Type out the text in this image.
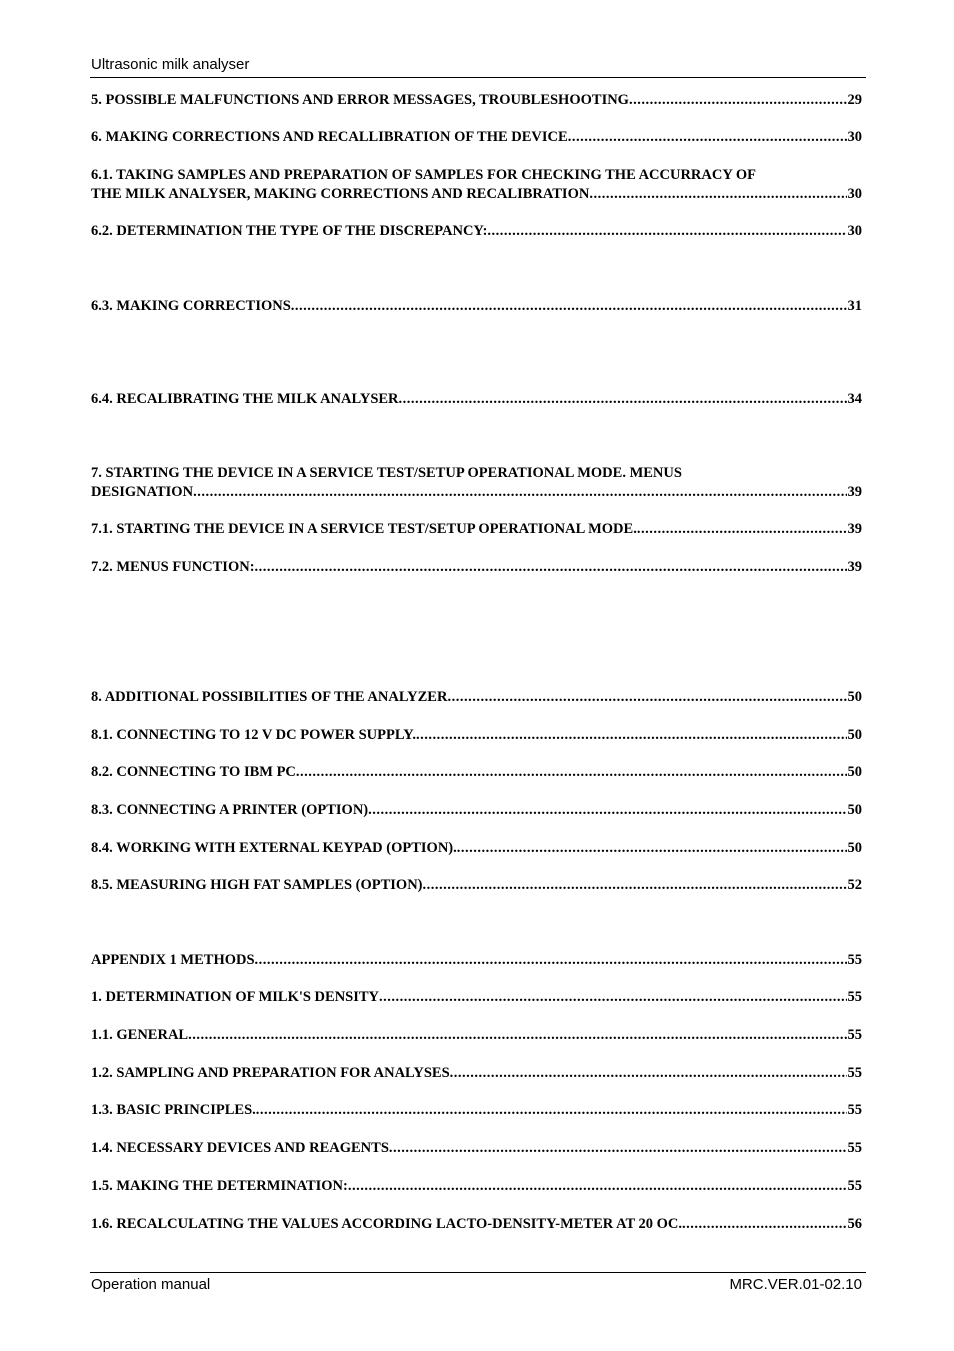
Ultrasonic milk analyser
5. POSSIBLE MALFUNCTIONS AND ERROR MESSAGES, TROUBLESHOOTING .....	29
6. MAKING CORRECTIONS AND RECALLIBRATION OF THE DEVICE .....	30
6.1. TAKING SAMPLES AND PREPARATION OF SAMPLES FOR CHECKING THE ACCURRACY OF
THE MILK ANALYSER, MAKING CORRECTIONS AND RECALIBRATION .....	30
6.2. DETERMINATION THE TYPE OF THE DISCREPANCY: .....	30
6.3. MAKING CORRECTIONS .....	31
6.4. RECALIBRATING THE MILK ANALYSER .....	34
7. STARTING THE DEVICE IN A SERVICE TEST/SETUP OPERATIONAL MODE. MENUS
DESIGNATION .....	39
7.1. STARTING THE DEVICE IN A SERVICE TEST/SETUP OPERATIONAL MODE. .....	39
7.2. MENUS FUNCTION: .....	39
8. ADDITIONAL POSSIBILITIES OF THE ANALYZER .....	50
8.1. CONNECTING TO 12 V DC POWER SUPPLY. .....	50
8.2. CONNECTING TO IBM PC .....	50
8.3. CONNECTING A PRINTER (OPTION) .....	50
8.4. WORKING WITH EXTERNAL KEYPAD (OPTION). .....	50
8.5. MEASURING HIGH FAT SAMPLES (OPTION) .....	52
APPENDIX 1 METHODS .....	55
1. DETERMINATION OF MILK'S DENSITY .....	55
1.1. GENERAL .....	55
1.2. SAMPLING AND PREPARATION FOR ANALYSES .....	55
1.3. BASIC PRINCIPLES. .....	55
1.4. NECESSARY DEVICES AND REAGENTS .....	55
1.5. MAKING THE DETERMINATION: .....	55
1.6. RECALCULATING THE VALUES ACCORDING LACTO-DENSITY-METER AT 20 OC. .....	56
Operation manual	MRC.VER.01-02.10
